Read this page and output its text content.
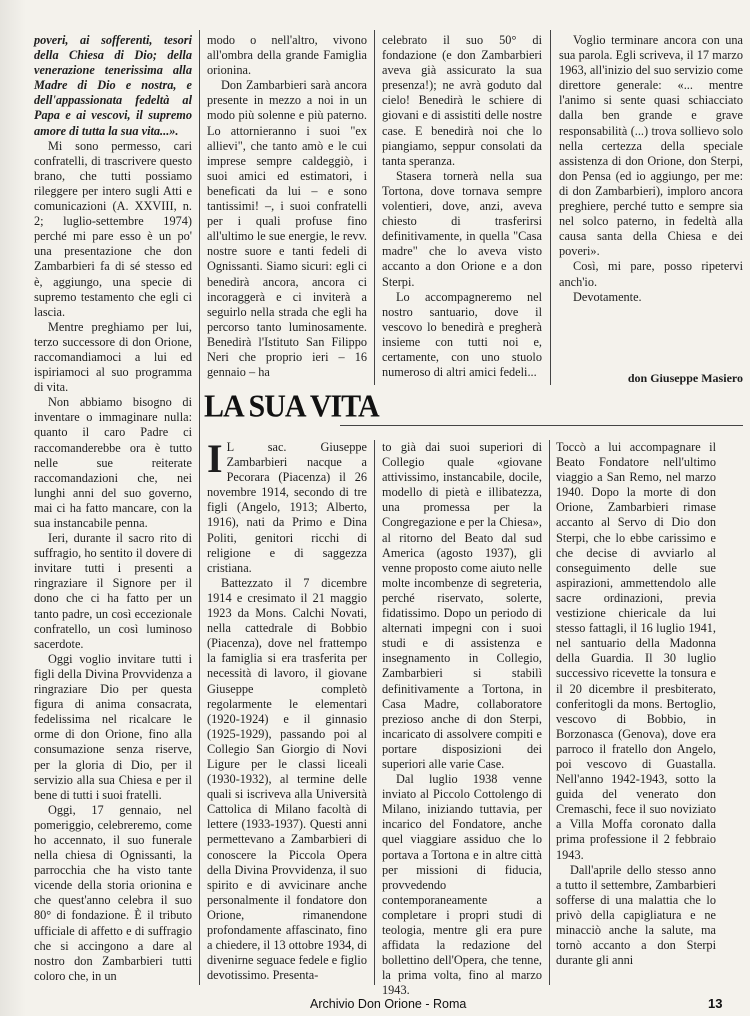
poveri, ai sofferenti, tesori della Chiesa di Dio; della venerazione tenerissima alla Madre di Dio e nostra, e dell'appassionata fedeltà al Papa e ai vescovi, il supremo amore di tutta la sua vita...».

Mi sono permesso, cari confratelli, di trascrivere questo brano, che tutti possiamo rileggere per intero sugli Atti e comunicazioni (A. XXVIII, n. 2; luglio-settembre 1974) perché mi pare esso è un po' una presentazione che don Zambarbieri fa di sé stesso ed è, aggiungo, una specie di supremo testamento che egli ci lascia.

Mentre preghiamo per lui, terzo successore di don Orione, raccomandiamoci a lui ed ispiriamoci al suo programma di vita.

Non abbiamo bisogno di inventare o immaginare nulla: quanto il caro Padre ci raccomanderebbe ora è tutto nelle sue reiterate raccomandazioni che, nei lunghi anni del suo governo, mai ci ha fatto mancare, con la sua instancabile penna.

Ieri, durante il sacro rito di suffragio, ho sentito il dovere di invitare tutti i presenti a ringraziare il Signore per il dono che ci ha fatto per un tanto padre, un così eccezionale confratello, un così luminoso sacerdote.

Oggi voglio invitare tutti i figli della Divina Provvidenza a ringraziare Dio per questa figura di anima consacrata, fedelissima nel ricalcare le orme di don Orione, fino alla consumazione senza riserve, per la gloria di Dio, per il servizio alla sua Chiesa e per il bene di tutti i suoi fratelli.

Oggi, 17 gennaio, nel pomeriggio, celebreremo, come ho accennato, il suo funerale nella chiesa di Ognissanti, la parrocchia che ha visto tante vicende della storia orionina e che quest'anno celebra il suo 80° di fondazione. È il tributo ufficiale di affetto e di suffragio che si accingono a dare al nostro don Zambarbieri tutti coloro che, in un

modo o nell'altro, vivono all'ombra della grande Famiglia orionina.

Don Zambarbieri sarà ancora presente in mezzo a noi in un modo più solenne e più paterno. Lo attornieranno i suoi "ex allievi", che tanto amò e le cui imprese sempre caldeggiò, i suoi amici ed estimatori, i beneficati da lui – e sono tantissimi! –, i suoi confratelli per i quali profuse fino all'ultimo le sue energie, le revv. nostre suore e tanti fedeli di Ognissanti. Siamo sicuri: egli ci benedirà ancora, ancora ci incoraggerà e ci inviterà a seguirlo nella strada che egli ha percorso tanto luminosamente. Benedirà l'Istituto San Filippo Neri che proprio ieri – 16 gennaio – ha

celebrato il suo 50° di fondazione (e don Zambarbieri aveva già assicurato la sua presenza!); ne avrà goduto dal cielo! Benedirà le schiere di giovani e di assistiti delle nostre case. E benedirà noi che lo piangiamo, seppur consolati da tanta speranza.

Stasera tornerà nella sua Tortona, dove tornava sempre volentieri, dove, anzi, aveva chiesto di trasferirsi definitivamente, in quella "Casa madre" che lo aveva visto accanto a don Orione e a don Sterpi.

Lo accompagneremo nel nostro santuario, dove il vescovo lo benedirà e pregherà insieme con tutti noi e, certamente, con uno stuolo numeroso di altri amici fedeli...

Voglio terminare ancora con una sua parola. Egli scriveva, il 17 marzo 1963, all'inizio del suo servizio come direttore generale: «... mentre l'animo si sente quasi schiacciato dalla ben grande e grave responsabilità (...) trova sollievo solo nella certezza della speciale assistenza di don Orione, don Sterpi, don Pensa (ed io aggiungo, per me: di don Zambarbieri), imploro ancora preghiere, perché tutto e sempre sia nel solco paterno, in fedeltà alla causa santa della Chiesa e dei poveri».

Così, mi pare, posso ripetervi anch'io.

Devotamente.

don Giuseppe Masiero
LA SUA VITA

I L sac. Giuseppe Zambarbieri nacque a Pecorara (Piacenza) il 26 novembre 1914, secondo di tre figli (Angelo, 1913; Alberto, 1916), nati da Primo e Dina Politi, genitori ricchi di religione e di saggezza cristiana.

Battezzato il 7 dicembre 1914 e cresimato il 21 maggio 1923 da Mons. Calchi Novati, nella cattedrale di Bobbio (Piacenza), dove nel frattempo la famiglia si era trasferita per necessità di lavoro, il giovane Giuseppe completò regolarmente le elementari (1920-1924) e il ginnasio (1925-1929), passando poi al Collegio San Giorgio di Novi Ligure per le classi liceali (1930-1932), al termine delle quali si iscriveva alla Università Cattolica di Milano facoltà di lettere (1933-1937). Questi anni permettevano a Zambarbieri di conoscere la Piccola Opera della Divina Provvidenza, il suo spirito e di avvicinare anche personalmente il fondatore don Orione, rimanendone profondamente affascinato, fino a chiedere, il 13 ottobre 1934, di divenirne seguace fedele e figlio devotissimo. Presenta-

to già dai suoi superiori di Collegio quale «giovane attivissimo, instancabile, docile, modello di pietà e illibatezza, una promessa per la Congregazione e per la Chiesa», al ritorno del Beato dal sud America (agosto 1937), gli venne proposto come aiuto nelle molte incombenze di segreteria, perché riservato, solerte, fidatissimo. Dopo un periodo di alternati impegni con i suoi studi e di assistenza e insegnamento in Collegio, Zambarbieri si stabilì definitivamente a Tortona, in Casa Madre, collaboratore prezioso anche di don Sterpi, incaricato di assolvere compiti e portare disposizioni dei superiori alle varie Case.

Dal luglio 1938 venne inviato al Piccolo Cottolengo di Milano, iniziando tuttavia, per incarico del Fondatore, anche quel viaggiare assiduo che lo portava a Tortona e in altre città per missioni di fiducia, provvedendo contemporaneamente a completare i propri studi di teologia, mentre gli era pure affidata la redazione del bollettino dell'Opera, che tenne, la prima volta, fino al marzo 1943.

Toccò a lui accompagnare il Beato Fondatore nell'ultimo viaggio a San Remo, nel marzo 1940. Dopo la morte di don Orione, Zambarbieri rimase accanto al Servo di Dio don Sterpi, che lo ebbe carissimo e che decise di avviarlo al conseguimento delle sue aspirazioni, ammettendolo alle sacre ordinazioni, previa vestizione chiericale da lui stesso fattagli, il 16 luglio 1941, nel santuario della Madonna della Guardia. Il 30 luglio successivo ricevette la tonsura e il 20 dicembre il presbiterato, conferitogli da mons. Bertoglio, vescovo di Bobbio, in Borzonasca (Genova), dove era parroco il fratello don Angelo, poi vescovo di Guastalla. Nell'anno 1942-1943, sotto la guida del venerato don Cremaschi, fece il suo noviziato a Villa Moffa coronato dalla prima professione il 2 febbraio 1943.

Dall'aprile dello stesso anno a tutto il settembre, Zambarbieri sofferse di una malattia che lo privò della capigliatura e ne minacciò anche la salute, ma tornò accanto a don Sterpi durante gli anni

Archivio Don Orione - Roma	13
